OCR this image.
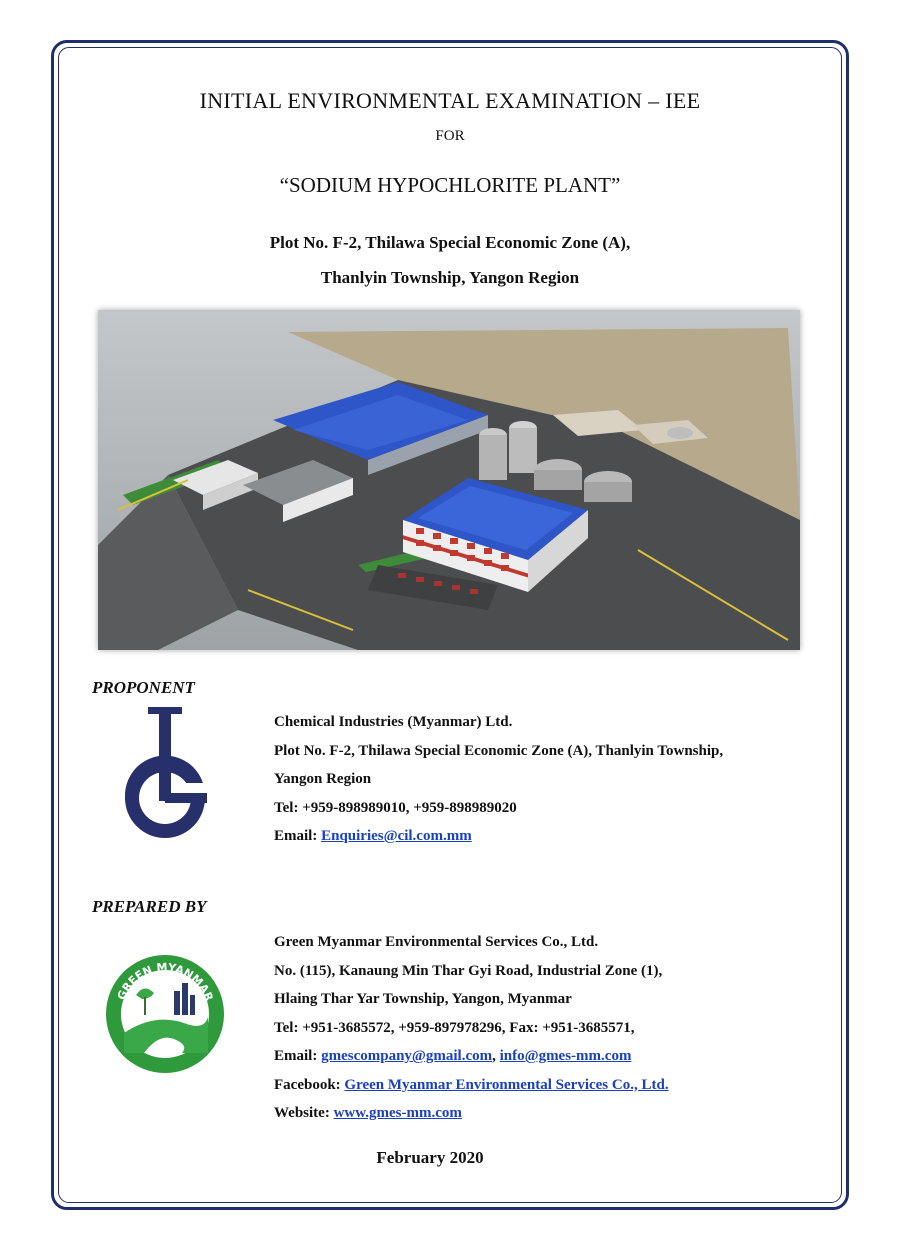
INITIAL ENVIRONMENTAL EXAMINATION – IEE
FOR
“SODIUM HYPOCHLORITE PLANT”
Plot No. F-2, Thilawa Special Economic Zone (A),
Thanlyin Township, Yangon Region
PROPONENT
Chemical Industries (Myanmar) Ltd.
Plot No. F-2, Thilawa Special Economic Zone (A), Thanlyin Township,
Yangon Region
Tel: +959-898989010, +959-898989020
Email: Enquiries@cil.com.mm
PREPARED BY
GREEN MYANMAR
Green Myanmar Environmental Services Co., Ltd.
No. (115), Kanaung Min Thar Gyi Road, Industrial Zone (1),
Hlaing Thar Yar Township, Yangon, Myanmar
Tel: +951-3685572, +959-897978296, Fax: +951-3685571,
Email: gmescompany@gmail.com, info@gmes-mm.com
Facebook: Green Myanmar Environmental Services Co., Ltd.
Website: www.gmes-mm.com
February 2020
